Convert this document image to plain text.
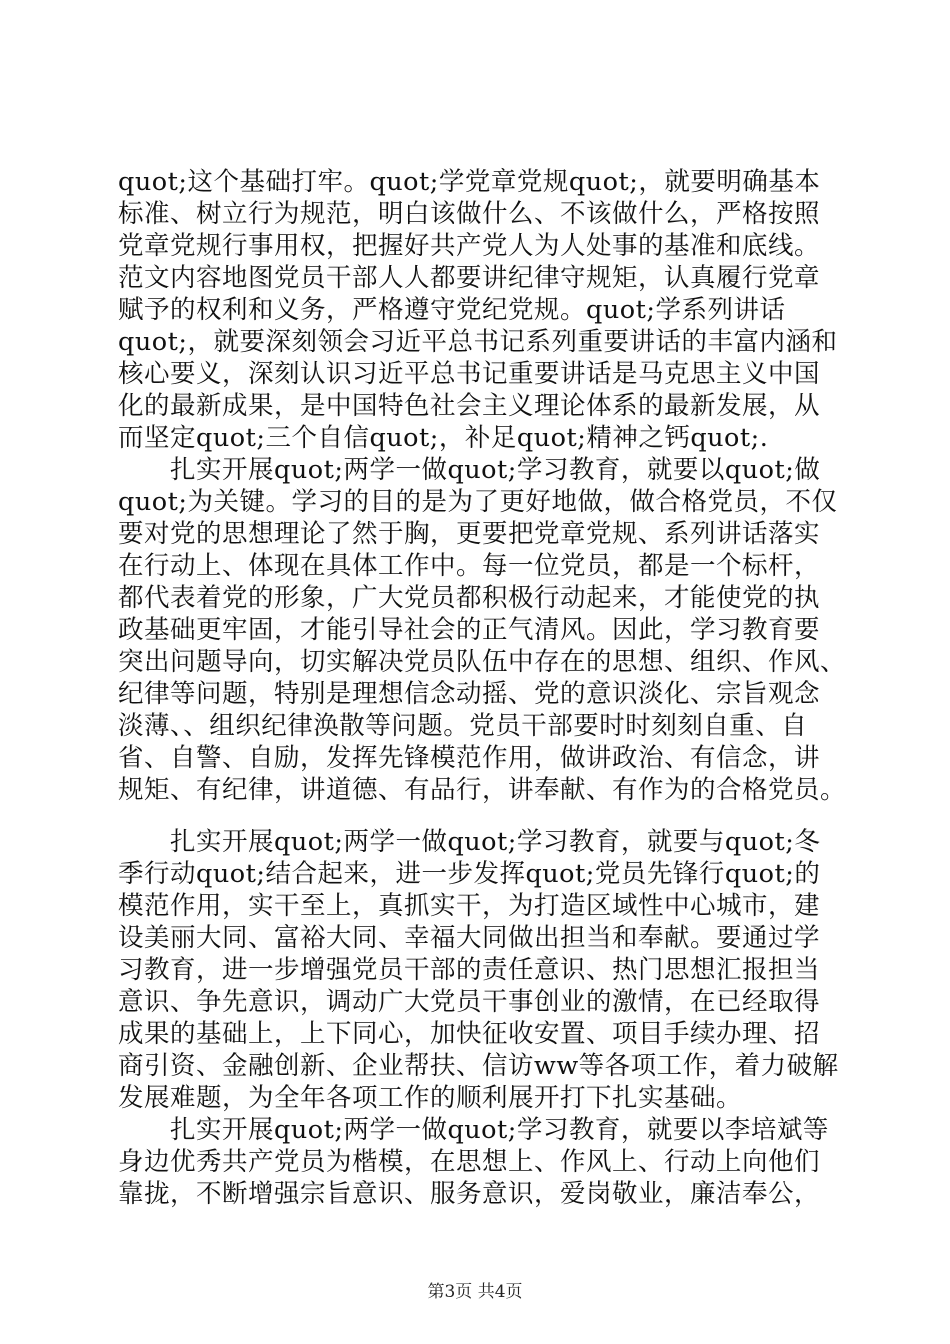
quot;这个基础打牢。quot;学党章党规quot;，就要明确基本
标准、树立行为规范，明白该做什么、不该做什么，严格按照
党章党规行事用权，把握好共产党人为人处事的基准和底线。
范文内容地图党员干部人人都要讲纪律守规矩，认真履行党章
赋予的权利和义务，严格遵守党纪党规。quot;学系列讲话
quot;，就要深刻领会习近平总书记系列重要讲话的丰富内涵和
核心要义，深刻认识习近平总书记重要讲话是马克思主义中国
化的最新成果，是中国特色社会主义理论体系的最新发展，从
而坚定quot;三个自信quot;，补足quot;精神之钙quot;.
　　扎实开展quot;两学一做quot;学习教育，就要以quot;做
quot;为关键。学习的目的是为了更好地做，做合格党员，不仅
要对党的思想理论了然于胸，更要把党章党规、系列讲话落实
在行动上、体现在具体工作中。每一位党员，都是一个标杆，
都代表着党的形象，广大党员都积极行动起来，才能使党的执
政基础更牢固，才能引导社会的正气清风。因此，学习教育要
突出问题导向，切实解决党员队伍中存在的思想、组织、作风、
纪律等问题，特别是理想信念动摇、党的意识淡化、宗旨观念
淡薄、、组织纪律涣散等问题。党员干部要时时刻刻自重、自
省、自警、自励，发挥先锋模范作用，做讲政治、有信念，讲
规矩、有纪律，讲道德、有品行，讲奉献、有作为的合格党员。
　　扎实开展quot;两学一做quot;学习教育，就要与quot;冬
季行动quot;结合起来，进一步发挥quot;党员先锋行quot;的
模范作用，实干至上，真抓实干，为打造区域性中心城市，建
设美丽大同、富裕大同、幸福大同做出担当和奉献。要通过学
习教育，进一步增强党员干部的责任意识、热门思想汇报担当
意识、争先意识，调动广大党员干事创业的激情，在已经取得
成果的基础上，上下同心，加快征收安置、项目手续办理、招
商引资、金融创新、企业帮扶、信访ww等各项工作，着力破解
发展难题，为全年各项工作的顺利展开打下扎实基础。
　　扎实开展quot;两学一做quot;学习教育，就要以李培斌等
身边优秀共产党员为楷模，在思想上、作风上、行动上向他们
靠拢，不断增强宗旨意识、服务意识，爱岗敬业，廉洁奉公，
第3页 共4页
